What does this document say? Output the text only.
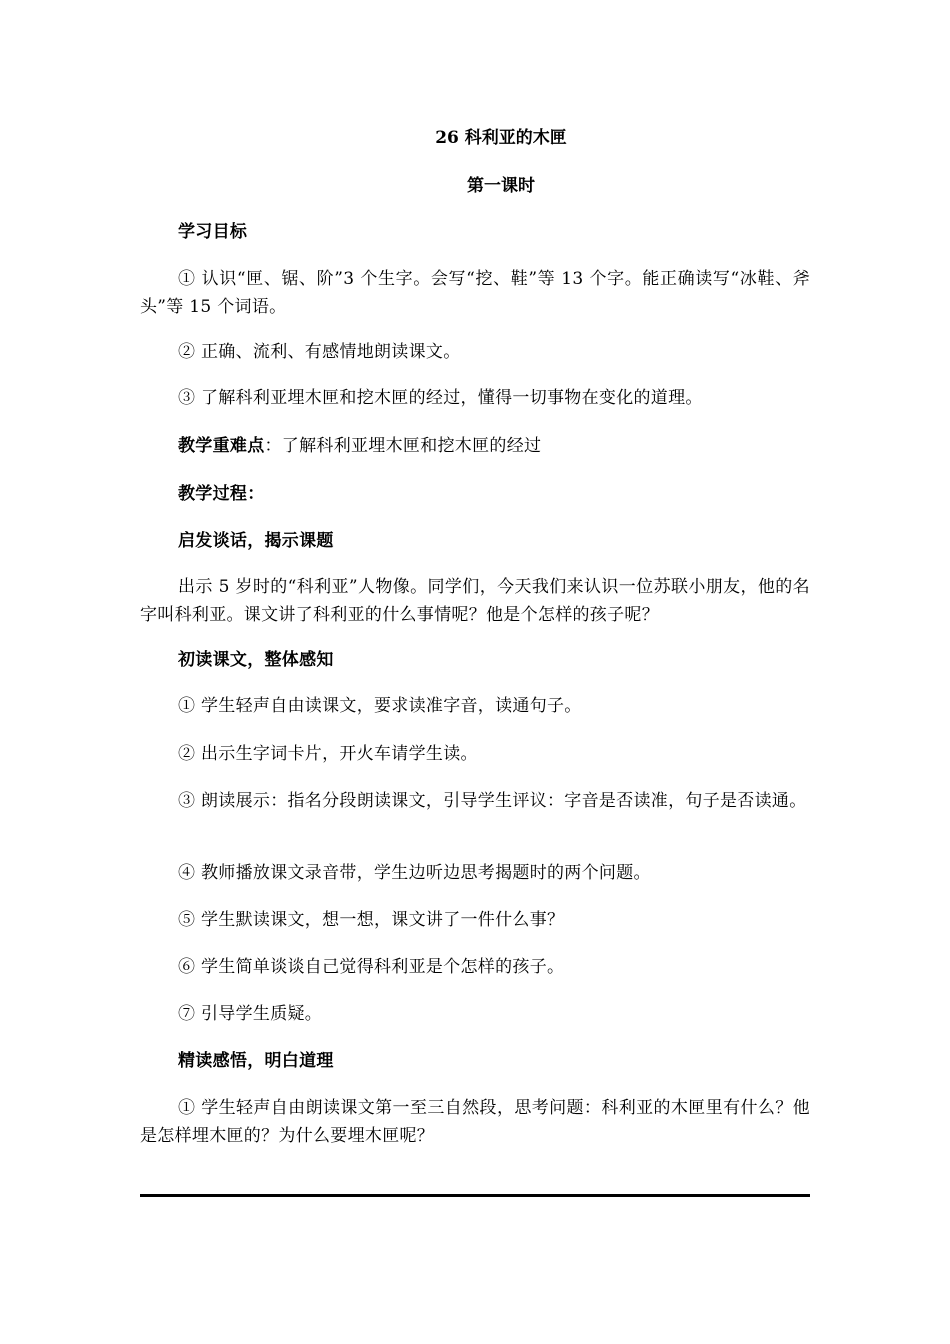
26 科利亚的木匣
第一课时
学习目标
① 认识“匣、锯、阶”3 个生字。会写“挖、鞋”等 13 个字。能正确读写“冰鞋、斧头”等 15 个词语。
② 正确、流利、有感情地朗读课文。
③ 了解科利亚埋木匣和挖木匣的经过，懂得一切事物在变化的道理。
教学重难点：了解科利亚埋木匣和挖木匣的经过
教学过程：
启发谈话，揭示课题
出示 5 岁时的“科利亚”人物像。同学们，今天我们来认识一位苏联小朋友，他的名字叫科利亚。课文讲了科利亚的什么事情呢？他是个怎样的孩子呢？
初读课文，整体感知
① 学生轻声自由读课文，要求读准字音，读通句子。
② 出示生字词卡片，开火车请学生读。
③ 朗读展示：指名分段朗读课文，引导学生评议：字音是否读准，句子是否读通。
④ 教师播放课文录音带，学生边听边思考揭题时的两个问题。
⑤ 学生默读课文，想一想，课文讲了一件什么事？
⑥ 学生简单谈谈自己觉得科利亚是个怎样的孩子。
⑦ 引导学生质疑。
精读感悟，明白道理
① 学生轻声自由朗读课文第一至三自然段，思考问题：科利亚的木匣里有什么？他是怎样埋木匣的？为什么要埋木匣呢？
